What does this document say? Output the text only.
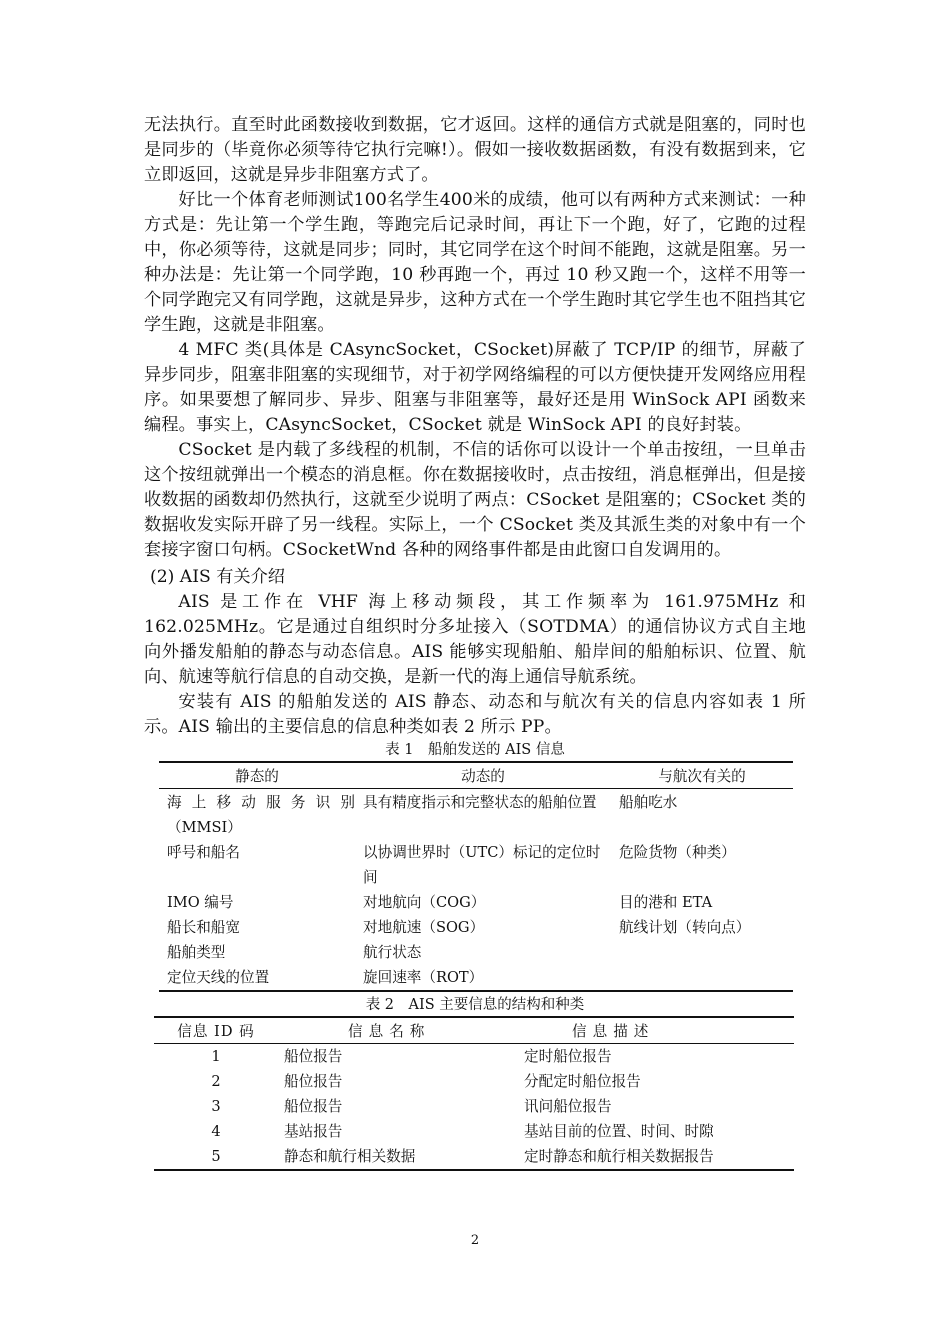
无法执行。直至时此函数接收到数据，它才返回。这样的通信方式就是阻塞的，同时也是同步的（毕竟你必须等待它执行完嘛!）。假如一接收数据函数，有没有数据到来，它立即返回，这就是异步非阻塞方式了。

好比一个体育老师测试100名学生400米的成绩，他可以有两种方式来测试：一种方式是：先让第一个学生跑，等跑完后记录时间，再让下一个跑，好了，它跑的过程中，你必须等待，这就是同步；同时，其它同学在这个时间不能跑，这就是阻塞。另一种办法是：先让第一个同学跑，10 秒再跑一个，再过 10 秒又跑一个，这样不用等一个同学跑完又有同学跑，这就是异步，这种方式在一个学生跑时其它学生也不阻挡其它学生跑，这就是非阻塞。

4 MFC 类(具体是 CAsyncSocket，CSocket)屏蔽了 TCP/IP 的细节，屏蔽了异步同步，阻塞非阻塞的实现细节，对于初学网络编程的可以方便快捷开发网络应用程序。如果要想了解同步、异步、阻塞与非阻塞等，最好还是用 WinSock API 函数来编程。事实上，CAsyncSocket，CSocket 就是 WinSock API 的良好封装。

CSocket 是内载了多线程的机制，不信的话你可以设计一个单击按纽，一旦单击这个按纽就弹出一个模态的消息框。你在数据接收时，点击按纽，消息框弹出，但是接收数据的函数却仍然执行，这就至少说明了两点：CSocket 是阻塞的；CSocket 类的数据收发实际开辟了另一线程。实际上，一个 CSocket 类及其派生类的对象中有一个套接字窗口句柄。CSocketWnd 各种的网络事件都是由此窗口自发调用的。

(2) AIS 有关介绍

AIS 是工作在 VHF 海上移动频段，其工作频率为 161.975MHz 和 162.025MHz。它是通过自组织时分多址接入（SOTDMA）的通信协议方式自主地向外播发船舶的静态与动态信息。AIS 能够实现船舶、船岸间的船舶标识、位置、航向、航速等航行信息的自动交换，是新一代的海上通信导航系统。

安装有 AIS 的船舶发送的 AIS 静态、动态和与航次有关的信息内容如表 1 所示。AIS 输出的主要信息的信息种类如表 2 所示 PP。

表 1　船舶发送的 AIS 信息

静态的	动态的	与航次有关的
海 上 移 动 服 务 识 别（MMSI）	具有精度指示和完整状态的船舶位置	船舶吃水
呼号和船名	以协调世界时（UTC）标记的定位时间	危险货物（种类）
IMO 编号	对地航向（COG）	目的港和 ETA
船长和船宽	对地航速（SOG）	航线计划（转向点）
船舶类型	航行状态	
定位天线的位置	旋回速率（ROT）	

表 2　AIS 主要信息的结构和种类

信息 ID 码	信息名称	信息描述
1	船位报告	定时船位报告
2	船位报告	分配定时船位报告
3	船位报告	讯问船位报告
4	基站报告	基站目前的位置、时间、时隙
5	静态和航行相关数据	定时静态和航行相关数据报告
2
